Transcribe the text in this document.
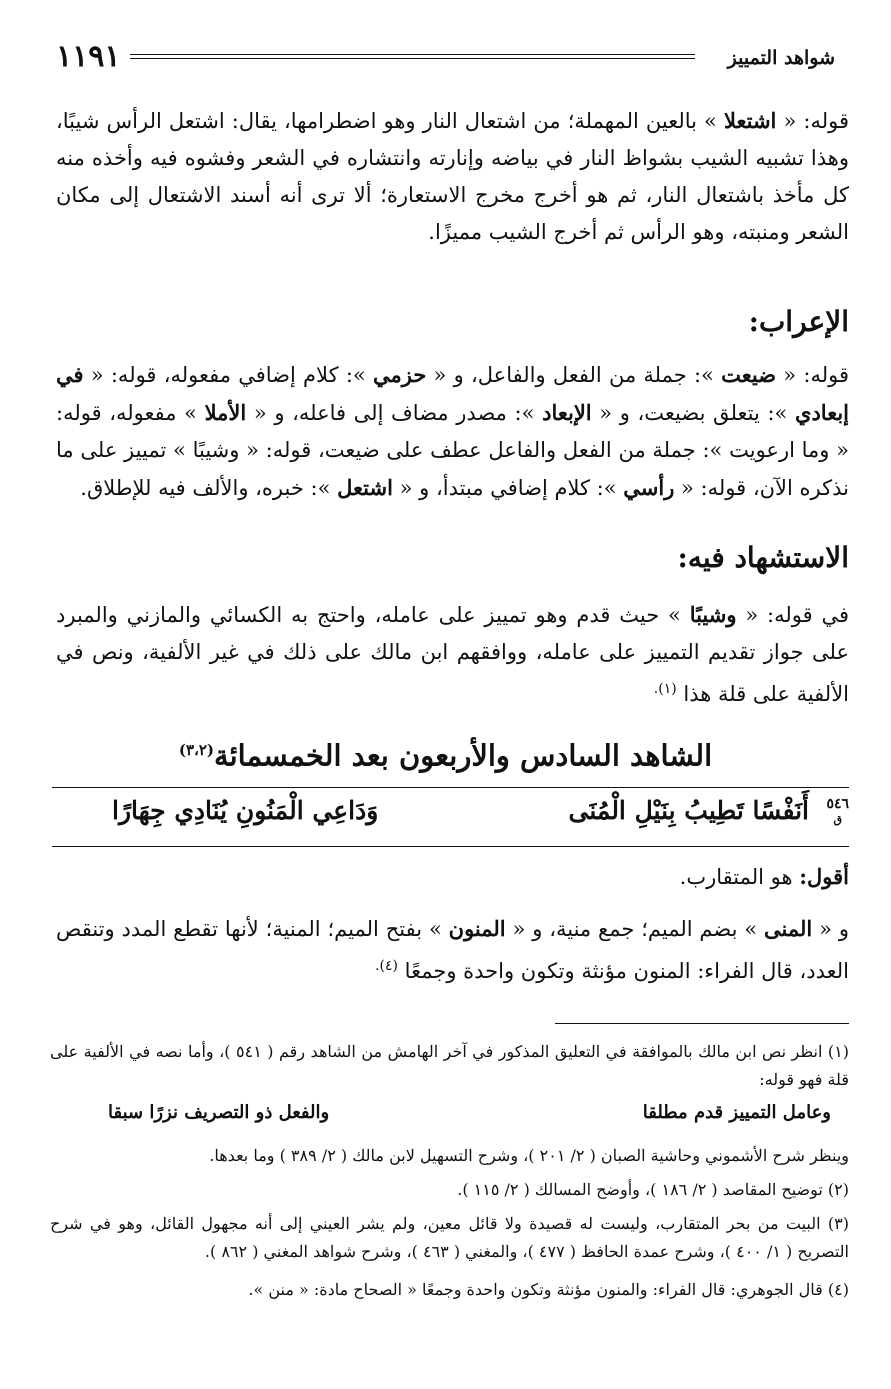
١١٩١	شواهد التمييز

قوله: « اشتعلا » بالعين المهملة؛ من اشتعال النار وهو اضطرامها، يقال: اشتعل الرأس شيبًا، وهذا تشبيه الشيب بشواظ النار في بياضه وإنارته وانتشاره في الشعر وفشوه فيه وأخذه منه كل مأخذ باشتعال النار، ثم هو أخرج مخرج الاستعارة؛ ألا ترى أنه أسند الاشتعال إلى مكان الشعر ومنبته، وهو الرأس ثم أخرج الشيب مميزًا.

الإعراب:

قوله: « ضيعت »: جملة من الفعل والفاعل، و « حزمي »: كلام إضافي مفعوله، قوله: « في إبعادي »: يتعلق بضيعت، و « الإبعاد »: مصدر مضاف إلى فاعله، و « الأملا » مفعوله، قوله: « وما ارعويت »: جملة من الفعل والفاعل عطف على ضيعت، قوله: « وشيبًا » تمييز على ما نذكره الآن، قوله: « رأسي »: كلام إضافي مبتدأ، و « اشتعل »: خبره، والألف فيه للإطلاق.

الاستشهاد فيه:

في قوله: « وشيبًا » حيث قدم وهو تمييز على عامله، واحتج به الكسائي والمازني والمبرد على جواز تقديم التمييز على عامله، ووافقهم ابن مالك على ذلك في غير الألفية، ونص في الألفية على قلة هذا $^{(١).}$

الشاهد السادس والأربعون بعد الخمسمائة$^{(٣،٢)}$
٥٤٦
ق
أَنَفْسًا تَطِيبُ بِنَيْلِ الْمُنَى
وَدَاعِي الْمَنُونِ يُنَادِي جِهَارًا

أقول: هو المتقارب.

و « المنى » بضم الميم؛ جمع منية، و « المنون » بفتح الميم؛ المنية؛ لأنها تقطع المدد وتنقص العدد، قال الفراء: المنون مؤنثة وتكون واحدة وجمعًا $^{(٤).}$

(١) انظر نص ابن مالك بالموافقة في التعليق المذكور في آخر الهامش من الشاهد رقم ( ٥٤١ )، وأما نصه في الألفية على قلة فهو قوله:
وعامل التمييز قدم مطلقا
والفعل ذو التصريف نزرًا سبقا
وينظر شرح الأشموني وحاشية الصبان ( ٢/ ٢٠١ )، وشرح التسهيل لابن مالك ( ٢/ ٣٨٩ ) وما بعدها.
(٢) توضيح المقاصد ( ٢/ ١٨٦ )، وأوضح المسالك ( ٢/ ١١٥ ).
(٣) البيت من بحر المتقارب، وليست له قصيدة ولا قائل معين، ولم يشر العيني إلى أنه مجهول القائل، وهو في شرح التصريح ( ١/ ٤٠٠ )، وشرح عمدة الحافظ ( ٤٧٧ )، والمغني ( ٤٦٣ )، وشرح شواهد المغني ( ٨٦٢ ).
(٤) قال الجوهري: قال الفراء: والمنون مؤنثة وتكون واحدة وجمعًا « الصحاح مادة: « منن ».
